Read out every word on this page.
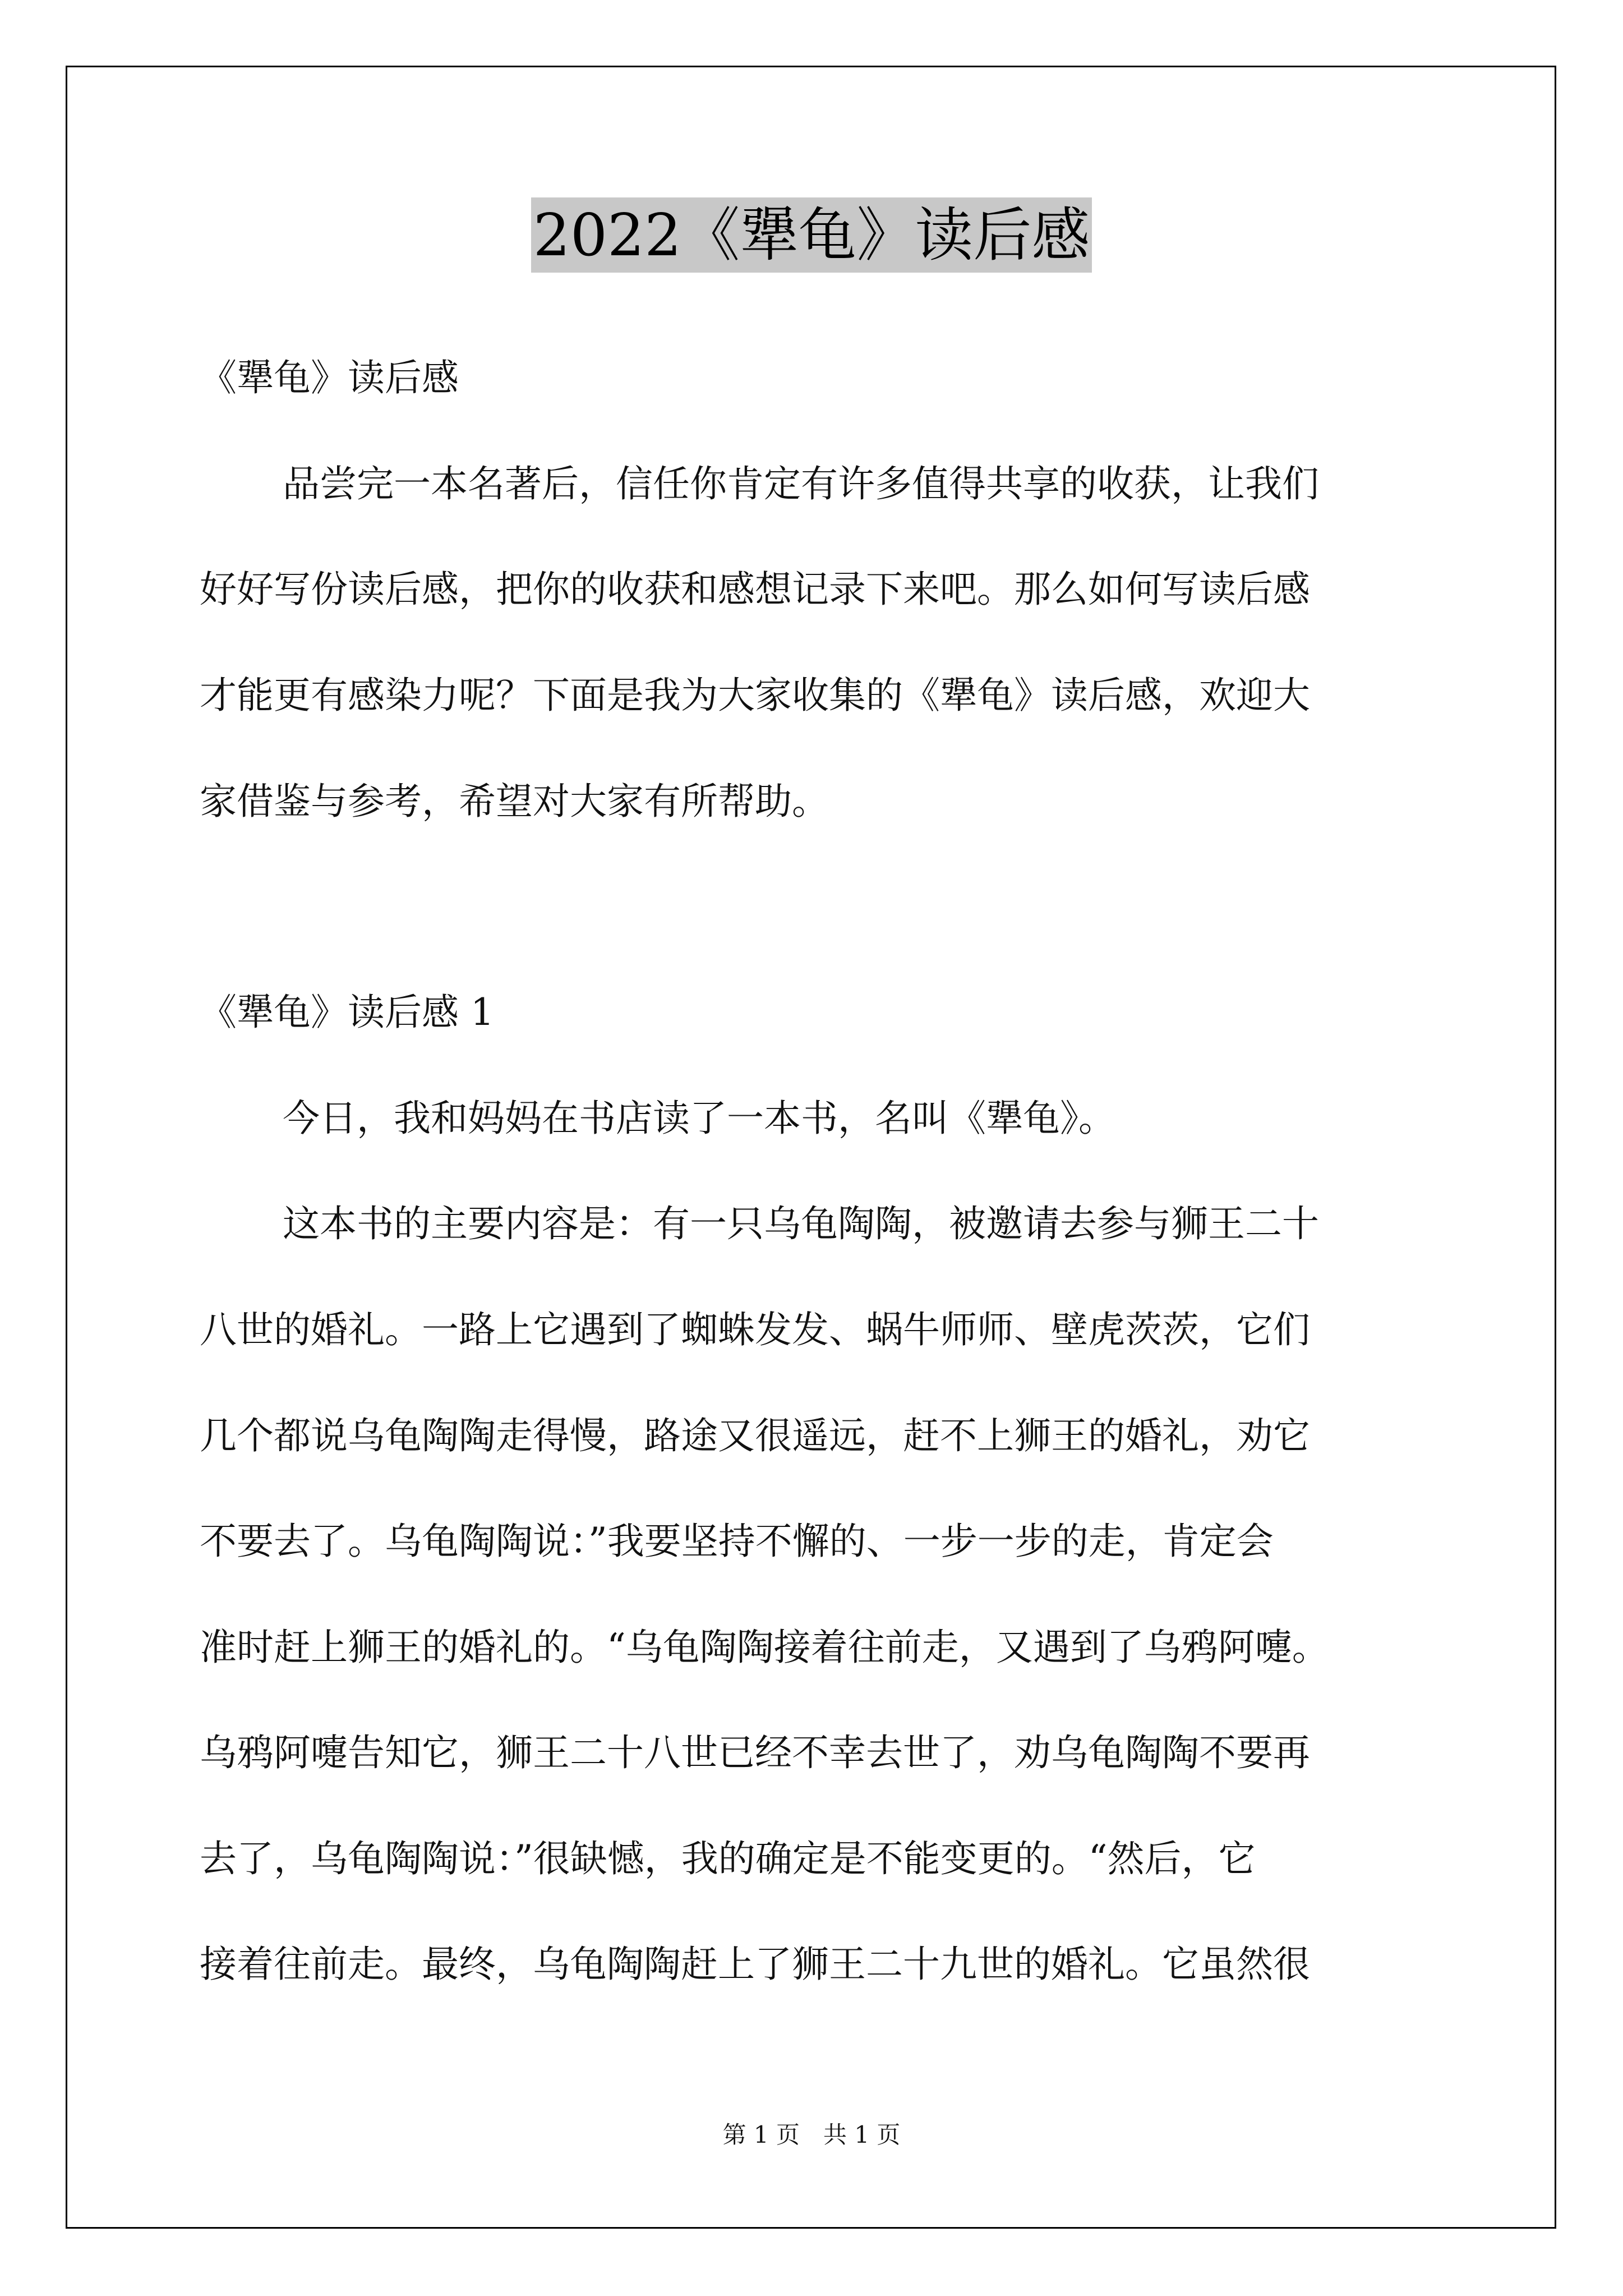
2022《犟龟》读后感
《犟龟》读后感
品尝完一本名著后，信任你肯定有许多值得共享的收获，让我们
好好写份读后感，把你的收获和感想记录下来吧。那么如何写读后感
才能更有感染力呢？下面是我为大家收集的《犟龟》读后感，欢迎大
家借鉴与参考，希望对大家有所帮助。
《犟龟》读后感 1
今日，我和妈妈在书店读了一本书，名叫《犟龟》。
这本书的主要内容是：有一只乌龟陶陶，被邀请去参与狮王二十
八世的婚礼。一路上它遇到了蜘蛛发发、蜗牛师师、壁虎茨茨，它们
几个都说乌龟陶陶走得慢，路途又很遥远，赶不上狮王的婚礼，劝它
不要去了。乌龟陶陶说：”我要坚持不懈的、一步一步的走，肯定会
准时赶上狮王的婚礼的。“乌龟陶陶接着往前走，又遇到了乌鸦阿嚏。
乌鸦阿嚏告知它，狮王二十八世已经不幸去世了，劝乌龟陶陶不要再
去了，乌龟陶陶说：”很缺憾，我的确定是不能变更的。“然后，它
接着往前走。最终，乌龟陶陶赶上了狮王二十九世的婚礼。它虽然很
第 1 页　共 1 页
